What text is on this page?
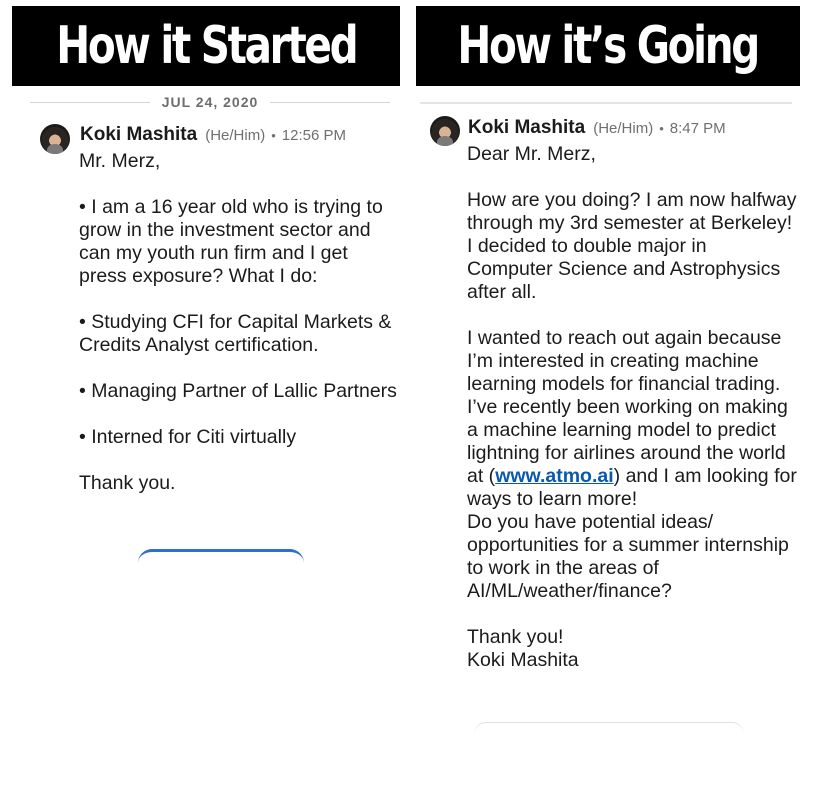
How it Started How it’s Going
JUL 24, 2020
Koki Mashita (He/Him) • 12:56 PM

Mr. Merz,

• I am a 16 year old who is trying to grow in the investment sector and can my youth run firm and I get press exposure? What I do:

• Studying CFI for Capital Markets & Credits Analyst certification.

• Managing Partner of Lallic Partners

• Interned for Citi virtually

Thank you.

Koki Mashita (He/Him) • 8:47 PM

Dear Mr. Merz,

How are you doing? I am now halfway through my 3rd semester at Berkeley! I decided to double major in Computer Science and Astrophysics after all.

I wanted to reach out again because I’m interested in creating machine learning models for financial trading. I’ve recently been working on making a machine learning model to predict lightning for airlines around the world at (www.atmo.ai) and I am looking for ways to learn more!

Do you have potential ideas/ opportunities for a summer internship to work in the areas of AI/ML/weather/finance?

Thank you!

Koki Mashita
